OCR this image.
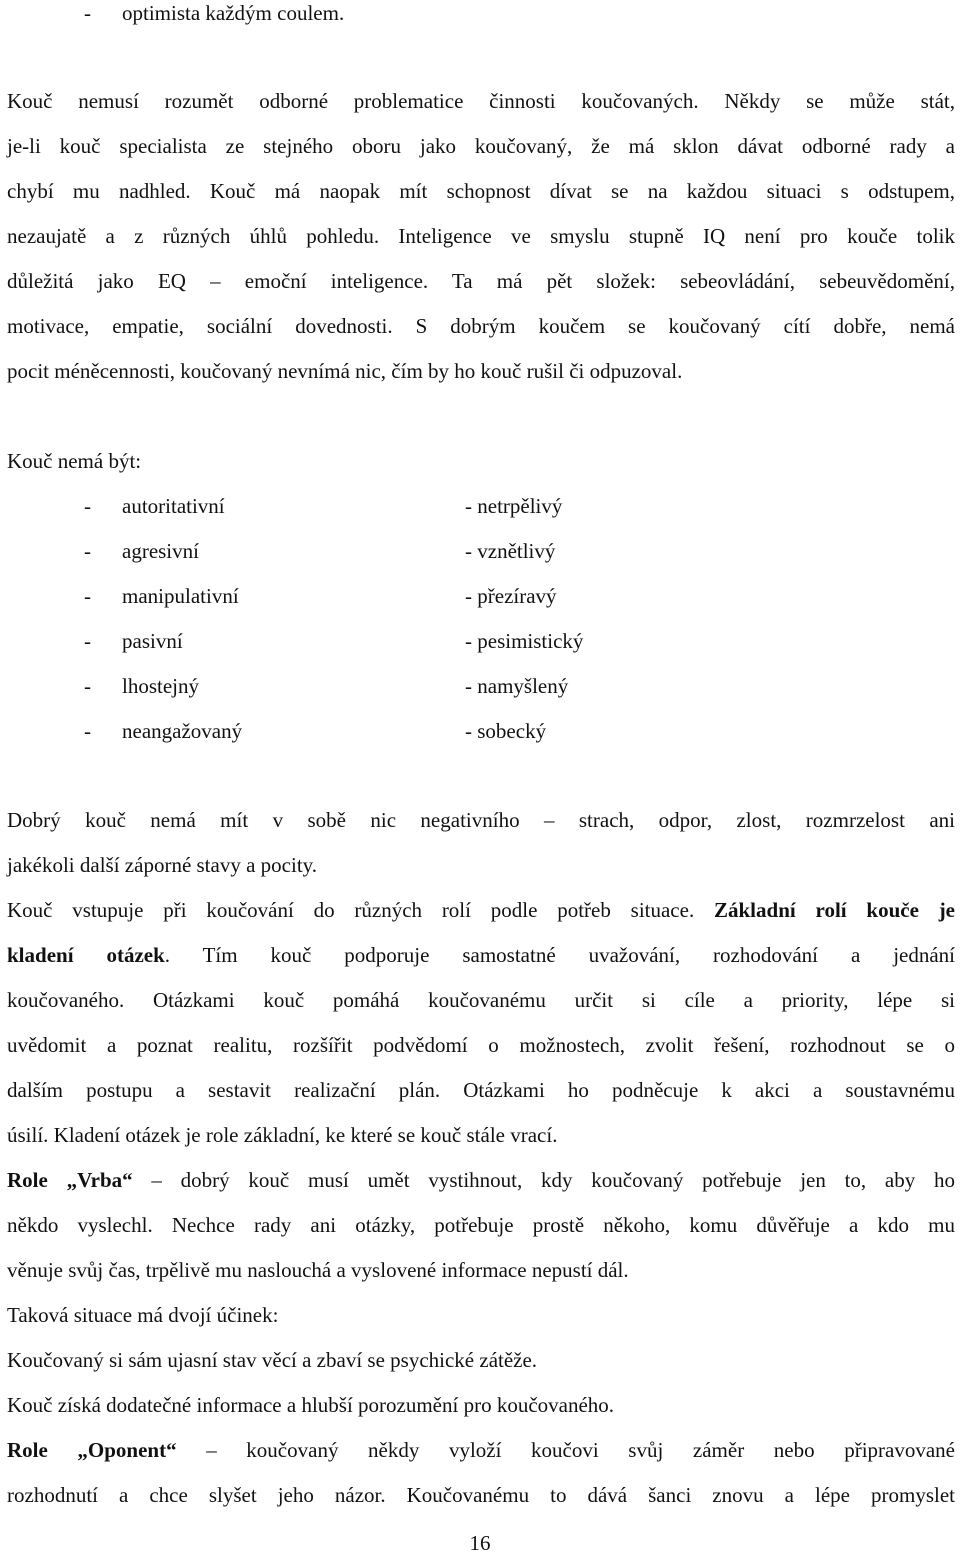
- optimista každým coulem.
Kouč nemusí rozumět odborné problematice činnosti koučovaných. Někdy se může stát,
je-li kouč specialista ze stejného oboru jako koučovaný, že má sklon dávat odborné rady a
chybí mu nadhled. Kouč má naopak mít schopnost dívat se na každou situaci s odstupem,
nezaujatě a z různých úhlů pohledu. Inteligence ve smyslu stupně IQ není pro kouče tolik
důležitá jako EQ – emoční inteligence. Ta má pět složek: sebeovládání, sebeuvědomění,
motivace, empatie, sociální dovednosti. S dobrým koučem se koučovaný cítí dobře, nemá
pocit méněcennosti, koučovaný nevnímá nic, čím by ho kouč rušil či odpuzoval.
Kouč nemá být:
- autoritativní	- netrpělivý
- agresivní	- vznětlivý
- manipulativní	- přezíravý
- pasivní	- pesimistický
- lhostejný	- namyšlený
- neangažovaný	- sobecký
Dobrý kouč nemá mít v sobě nic negativního – strach, odpor, zlost, rozmrzelost ani
jakékoli další záporné stavy a pocity.
Kouč vstupuje při koučování do různých rolí podle potřeb situace. Základní rolí kouče je
kladení otázek. Tím kouč podporuje samostatné uvažování, rozhodování a jednání
koučovaného. Otázkami kouč pomáhá koučovanému určit si cíle a priority, lépe si
uvědomit a poznat realitu, rozšířit podvědomí o možnostech, zvolit řešení, rozhodnout se o
dalším postupu a sestavit realizační plán. Otázkami ho podněcuje k akci a soustavnému
úsilí. Kladení otázek je role základní, ke které se kouč stále vrací.
Role „Vrba“ – dobrý kouč musí umět vystihnout, kdy koučovaný potřebuje jen to, aby ho
někdo vyslechl. Nechce rady ani otázky, potřebuje prostě někoho, komu důvěřuje a kdo mu
věnuje svůj čas, trpělivě mu naslouchá a vyslovené informace nepustí dál.
Taková situace má dvojí účinek:
Koučovaný si sám ujasní stav věcí a zbaví se psychické zátěže.
Kouč získá dodatečné informace a hlubší porozumění pro koučovaného.
Role „Oponent“ – koučovaný někdy vyloží koučovi svůj záměr nebo připravované
rozhodnutí a chce slyšet jeho názor. Koučovanému to dává šanci znovu a lépe promyslet
16
